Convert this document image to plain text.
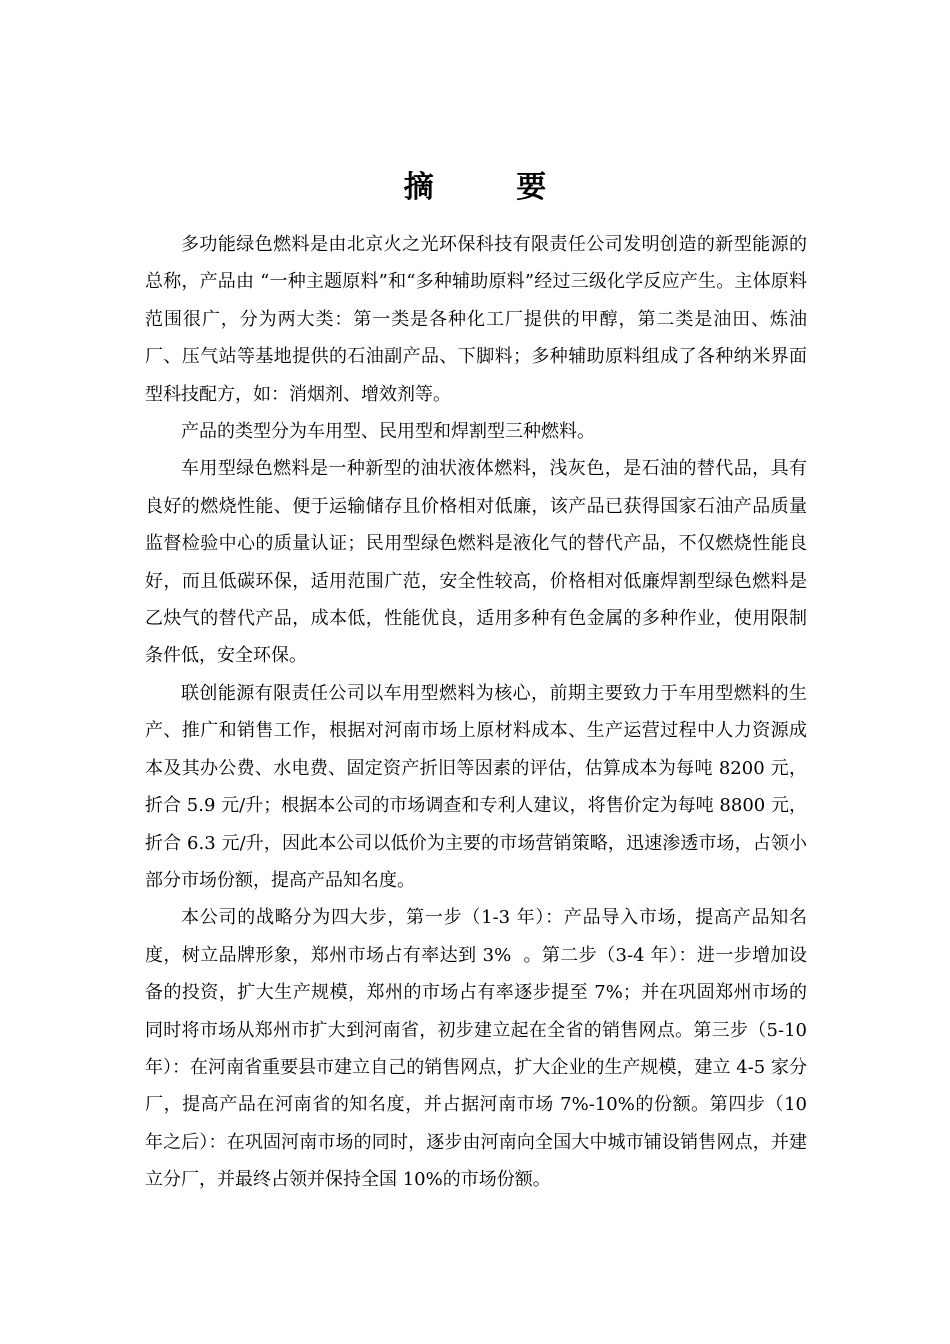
摘 要

多功能绿色燃料是由北京火之光环保科技有限责任公司发明创造的新型能源的总称，产品由 “一种主题原料”和“多种辅助原料”经过三级化学反应产生。主体原料范围很广，分为两大类：第一类是各种化工厂提供的甲醇，第二类是油田、炼油厂、压气站等基地提供的石油副产品、下脚料；多种辅助原料组成了各种纳米界面型科技配方，如：消烟剂、增效剂等。

产品的类型分为车用型、民用型和焊割型三种燃料。

车用型绿色燃料是一种新型的油状液体燃料，浅灰色，是石油的替代品，具有良好的燃烧性能、便于运输储存且价格相对低廉，该产品已获得国家石油产品质量监督检验中心的质量认证；民用型绿色燃料是液化气的替代产品，不仅燃烧性能良好，而且低碳环保，适用范围广范，安全性较高，价格相对低廉焊割型绿色燃料是乙炔气的替代产品，成本低，性能优良，适用多种有色金属的多种作业，使用限制条件低，安全环保。

联创能源有限责任公司以车用型燃料为核心，前期主要致力于车用型燃料的生产、推广和销售工作，根据对河南市场上原材料成本、生产运营过程中人力资源成本及其办公费、水电费、固定资产折旧等因素的评估，估算成本为每吨 8200 元，折合 5.9 元/升；根据本公司的市场调查和专利人建议，将售价定为每吨 8800 元，折合 6.3 元/升，因此本公司以低价为主要的市场营销策略，迅速渗透市场，占领小部分市场份额，提高产品知名度。

本公司的战略分为四大步，第一步（1-3 年）：产品导入市场，提高产品知名度，树立品牌形象，郑州市场占有率达到 3%  。第二步（3-4 年）：进一步增加设备的投资，扩大生产规模，郑州的市场占有率逐步提至 7%；并在巩固郑州市场的同时将市场从郑州市扩大到河南省，初步建立起在全省的销售网点。第三步（5-10 年）：在河南省重要县市建立自己的销售网点，扩大企业的生产规模，建立 4-5 家分厂，提高产品在河南省的知名度，并占据河南市场 7%-10%的份额。第四步（10 年之后）：在巩固河南市场的同时，逐步由河南向全国大中城市铺设销售网点，并建立分厂，并最终占领并保持全国 10%的市场份额。
